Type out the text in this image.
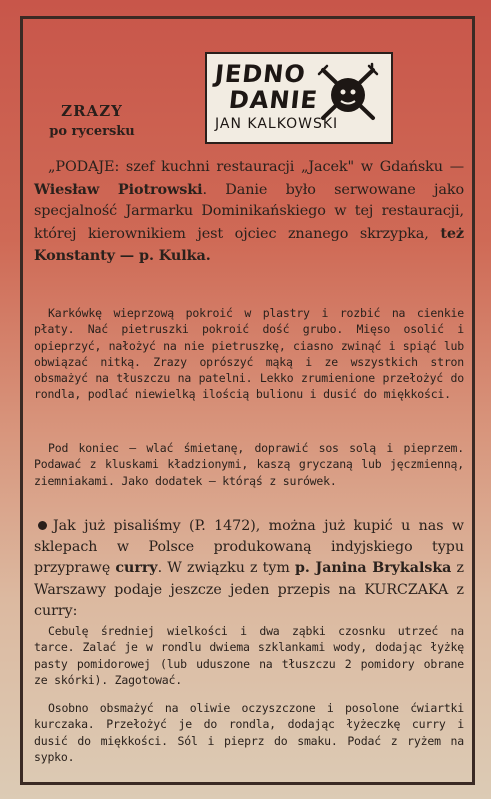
JEDNO
DANIE
JAN KALKOWSKI
ZRAZY
po rycersku
„PODAJE: szef kuchni restauracji „Jacek" w Gdańsku — Wiesław Piotrowski. Danie było serwowane jako specjalność Jarmarku Dominikańskiego w tej restauracji, której kierownikiem jest ojciec znanego skrzypka, też Konstanty — p. Kulka.
Karkówkę wieprzową pokroić w plastry i rozbić na cienkie płaty. Nać pietruszki pokroić dość grubo. Mięso osolić i opieprzyć, nałożyć na nie pietruszkę, ciasno zwinąć i spiąć lub obwiązać nitką. Zrazy oprószyć mąką i ze wszystkich stron obsmażyć na tłuszczu na patelni. Lekko zrumienione przełożyć do rondla, podlać niewielką ilością bulionu i dusić do miękkości.
Pod koniec — wlać śmietanę, doprawić sos solą i pieprzem. Podawać z kluskami kładzionymi, kaszą gryczaną lub jęczmienną, ziemniakami. Jako dodatek — którąś z surówek.
Jak już pisaliśmy (P. 1472), można już kupić u nas w sklepach w Polsce produkowaną indyjskiego typu przyprawę curry. W związku z tym p. Janina Brykalska z Warszawy podaje jeszcze jeden przepis na KURCZAKA z curry:
Cebulę średniej wielkości i dwa ząbki czosnku utrzeć na tarce. Zalać je w rondlu dwiema szklankami wody, dodając łyżkę pasty pomidorowej (lub uduszone na tłuszczu 2 pomidory obrane ze skórki). Zagotować.
Osobno obsmażyć na oliwie oczyszczone i posolone ćwiartki kurczaka. Przełożyć je do rondla, dodając łyżeczkę curry i dusić do miękkości. Sól i pieprz do smaku. Podać z ryżem na sypko.
